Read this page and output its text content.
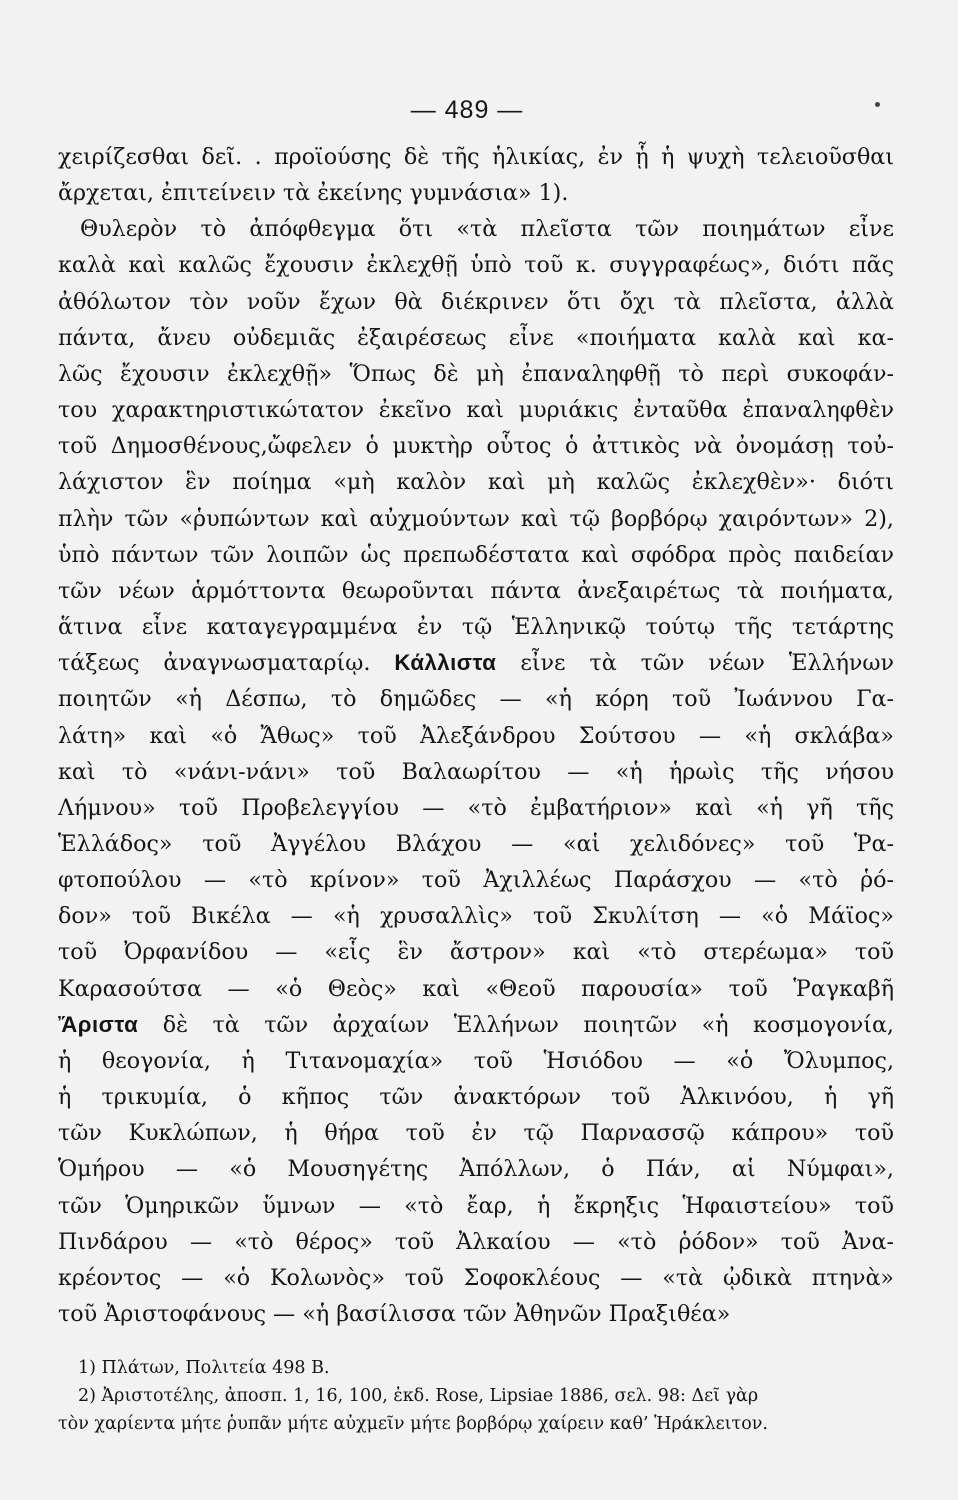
— 489 —

χειρίζεσθαι δεῖ. . προϊούσης δὲ τῆς ἡλικίας, ἐν ᾗ ἡ ψυχὴ τελειοῦσθαι

ἄρχεται, ἐπιτείνειν τὰ ἐκείνης γυμνάσια» 1).

Θυλερὸν τὸ ἀπόφθεγμα ὅτι «τὰ πλεῖστα τῶν ποιημάτων εἶνε

καλὰ καὶ καλῶς ἔχουσιν ἐκλεχθῇ ὑπὸ τοῦ κ. συγγραφέως», διότι πᾶς

ἀθόλωτον τὸν νοῦν ἔχων θὰ διέκρινεν ὅτι ὄχι τὰ πλεῖστα, ἀλλὰ

πάντα, ἄνευ οὐδεμιᾶς ἐξαιρέσεως εἶνε «ποιήματα καλὰ καὶ κα-

λῶς ἔχουσιν ἐκλεχθῇ» Ὅπως δὲ μὴ ἐπαναληφθῇ τὸ περὶ συκοφάν-

του χαρακτηριστικώτατον ἐκεῖνο καὶ μυριάκις ἐνταῦθα ἐπαναληφθὲν

τοῦ Δημοσθένους,ὤφελεν ὁ μυκτὴρ οὗτος ὁ ἀττικὸς νὰ ὀνομάσῃ τοὐ-

λάχιστον ἓν ποίημα «μὴ καλὸν καὶ μὴ καλῶς ἐκλεχθὲν»· διότι

πλὴν τῶν «ῥυπώντων καὶ αὐχμούντων καὶ τῷ βορβόρῳ χαιρόντων» 2),

ὑπὸ πάντων τῶν λοιπῶν ὡς πρεπωδέστατα καὶ σφόδρα πρὸς παιδείαν

τῶν νέων ἁρμόττοντα θεωροῦνται πάντα ἀνεξαιρέτως τὰ ποιήματα,

ἅτινα εἶνε καταγεγραμμένα ἐν τῷ Ἑλληνικῷ τούτῳ τῆς τετάρτης

τάξεως ἀναγνωσματαρίῳ. Κάλλιστα εἶνε τὰ τῶν νέων Ἑλλήνων

ποιητῶν «ἡ Δέσπω, τὸ δημῶδες — «ἡ κόρη τοῦ Ἰωάννου Γα-

λάτη» καὶ «ὁ Ἄθως» τοῦ Ἀλεξάνδρου Σούτσου — «ἡ σκλάβα»

καὶ τὸ «νάνι-νάνι» τοῦ Βαλαωρίτου — «ἡ ἡρωὶς τῆς νήσου

Λήμνου» τοῦ Προβελεγγίου — «τὸ ἐμβατήριον» καὶ «ἡ γῆ τῆς

Ἑλλάδος» τοῦ Ἀγγέλου Βλάχου — «αἱ χελιδόνες» τοῦ Ῥα-

φτοπούλου — «τὸ κρίνον» τοῦ Ἀχιλλέως Παράσχου — «τὸ ῥό-

δον» τοῦ Βικέλα — «ἡ χρυσαλλὶς» τοῦ Σκυλίτση — «ὁ Μάϊος»

τοῦ Ὀρφανίδου — «εἷς ἓν ἄστρον» καὶ «τὸ στερέωμα» τοῦ

Καρασούτσα — «ὁ Θεὸς» καὶ «Θεοῦ παρουσία» τοῦ Ῥαγκαβῆ

Ἄριστα δὲ τὰ τῶν ἀρχαίων Ἑλλήνων ποιητῶν «ἡ κοσμογονία,

ἡ θεογονία, ἡ Τιτανομαχία» τοῦ Ἡσιόδου — «ὁ Ὄλυμπος,

ἡ τρικυμία, ὁ κῆπος τῶν ἀνακτόρων τοῦ Ἀλκινόου, ἡ γῆ

τῶν Κυκλώπων, ἡ θήρα τοῦ ἐν τῷ Παρνασσῷ κάπρου» τοῦ

Ὁμήρου — «ὁ Μουσηγέτης Ἀπόλλων, ὁ Πάν, αἱ Νύμφαι»,

τῶν Ὁμηρικῶν ὕμνων — «τὸ ἔαρ, ἡ ἔκρηξις Ἡφαιστείου» τοῦ

Πινδάρου — «τὸ θέρος» τοῦ Ἀλκαίου — «τὸ ῥόδον» τοῦ Ἀνα-

κρέοντος — «ὁ Κολωνὸς» τοῦ Σοφοκλέους — «τὰ ᾠδικὰ πτηνὰ»

τοῦ Ἀριστοφάνους — «ἡ βασίλισσα τῶν Ἀθηνῶν Πραξιθέα»

1) Πλάτων, Πολιτεία 498 B.

2) Ἀριστοτέλης, ἀποσπ. 1, 16, 100, ἐκδ. Rose, Lipsiae 1886, σελ. 98: Δεῖ γὰρ

τὸν χαρίεντα μήτε ῥυπᾶν μήτε αὐχμεῖν μήτε βορβόρῳ χαίρειν καθ’ Ἡράκλειτον.
